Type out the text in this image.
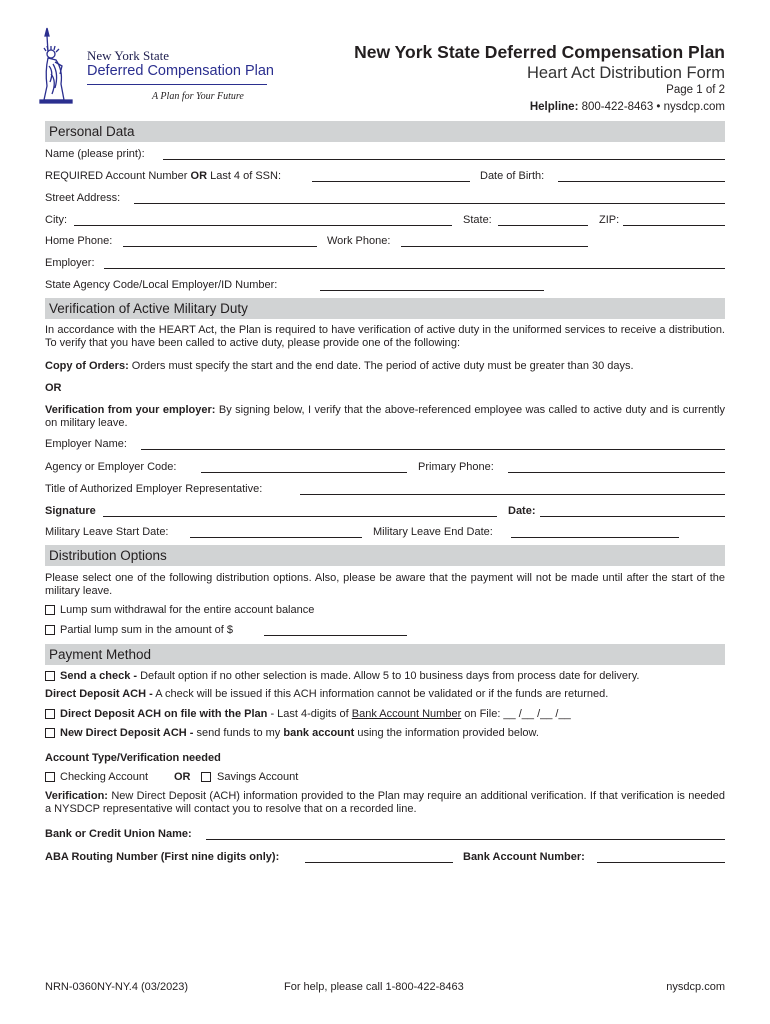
New York State
Deferred Compensation Plan
A Plan for Your Future
New York State Deferred Compensation Plan
Heart Act Distribution Form
Page 1 of 2
Helpline: 800-422-8463 • nysdcp.com
Personal Data
Name (please print):
REQUIRED Account Number OR Last 4 of SSN:	Date of Birth:
Street Address:
City:	State:	ZIP:
Home Phone:	Work Phone:
Employer:
State Agency Code/Local Employer/ID Number:
Verification of Active Military Duty
In accordance with the HEART Act, the Plan is required to have verification of active duty in the uniformed services to receive a distribution. To verify that you have been called to active duty, please provide one of the following:
Copy of Orders: Orders must specify the start and the end date. The period of active duty must be greater than 30 days.
OR
Verification from your employer: By signing below, I verify that the above-referenced employee was called to active duty and is currently on military leave.
Employer Name:
Agency or Employer Code:	Primary Phone:
Title of Authorized Employer Representative:
Signature	Date:
Military Leave Start Date:	Military Leave End Date:
Distribution Options
Please select one of the following distribution options. Also, please be aware that the payment will not be made until after the start of the military leave.
Lump sum withdrawal for the entire account balance
Partial lump sum in the amount of $
Payment Method
Send a check - Default option if no other selection is made. Allow 5 to 10 business days from process date for delivery.
Direct Deposit ACH - A check will be issued if this ACH information cannot be validated or if the funds are returned.
Direct Deposit ACH on file with the Plan - Last 4-digits of Bank Account Number on File: __ /__ /__ /__
New Direct Deposit ACH - send funds to my bank account using the information provided below.
Account Type/Verification needed
Checking Account OR Savings Account
Verification: New Direct Deposit (ACH) information provided to the Plan may require an additional verification. If that verification is needed a NYSDCP representative will contact you to resolve that on a recorded line.
Bank or Credit Union Name:
ABA Routing Number (First nine digits only):	Bank Account Number:
NRN-0360NY-NY.4 (03/2023)	For help, please call 1-800-422-8463	nysdcp.com
